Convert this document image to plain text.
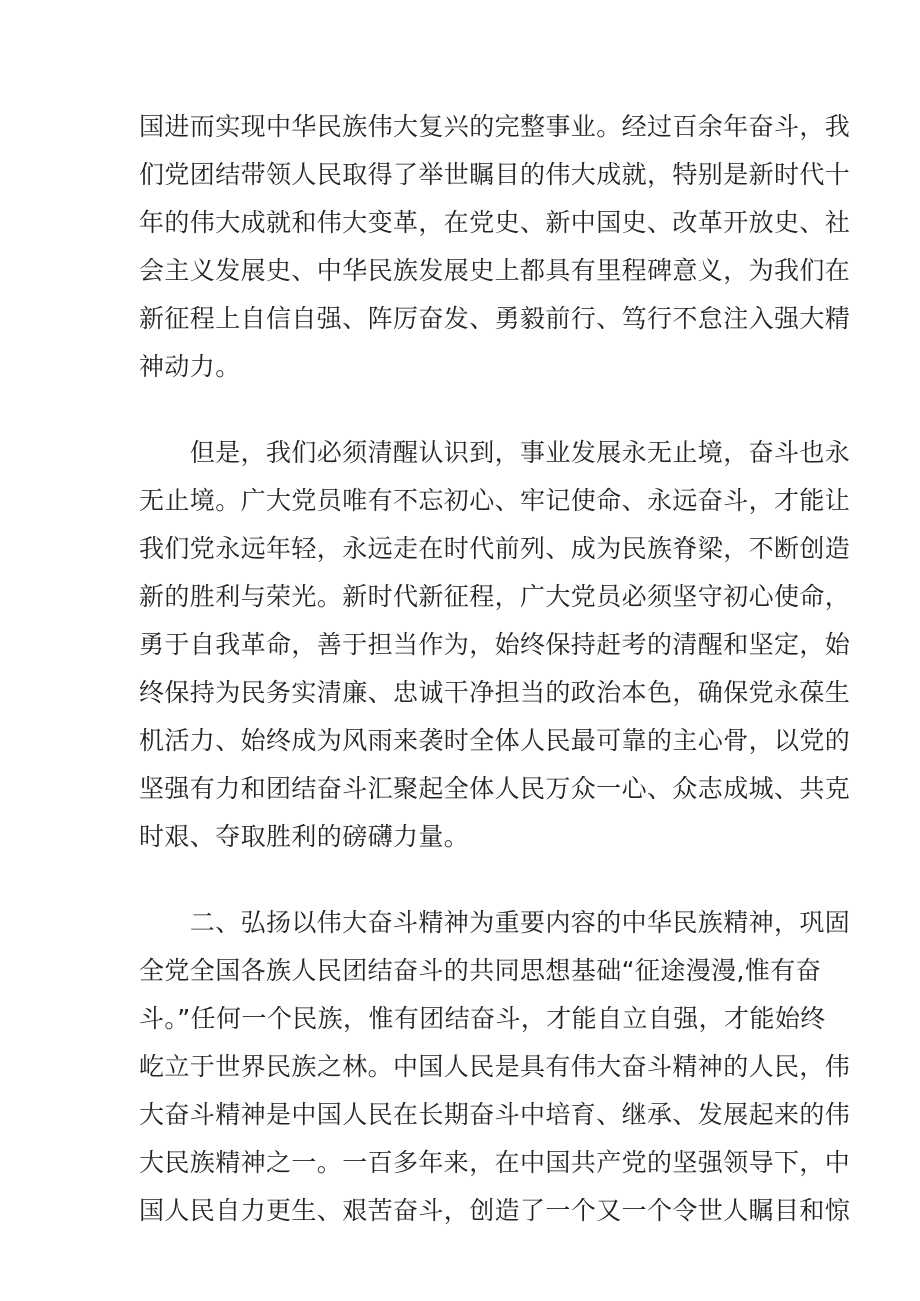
国进而实现中华民族伟大复兴的完整事业。经过百余年奋斗，我
们党团结带领人民取得了举世瞩目的伟大成就，特别是新时代十
年的伟大成就和伟大变革，在党史、新中国史、改革开放史、社
会主义发展史、中华民族发展史上都具有里程碑意义，为我们在
新征程上自信自强、阵厉奋发、勇毅前行、笃行不怠注入强大精
神动力。

　　但是，我们必须清醒认识到，事业发展永无止境，奋斗也永
无止境。广大党员唯有不忘初心、牢记使命、永远奋斗，才能让
我们党永远年轻，永远走在时代前列、成为民族脊梁，不断创造
新的胜利与荣光。新时代新征程，广大党员必须坚守初心使命，
勇于自我革命，善于担当作为，始终保持赶考的清醒和坚定，始
终保持为民务实清廉、忠诚干净担当的政治本色，确保党永葆生
机活力、始终成为风雨来袭时全体人民最可靠的主心骨，以党的
坚强有力和团结奋斗汇聚起全体人民万众一心、众志成城、共克
时艰、夺取胜利的磅礴力量。

　　二、弘扬以伟大奋斗精神为重要内容的中华民族精神，巩固
全党全国各族人民团结奋斗的共同思想基础“征途漫漫,惟有奋
斗。”任何一个民族，惟有团结奋斗，才能自立自强，才能始终
屹立于世界民族之林。中国人民是具有伟大奋斗精神的人民，伟
大奋斗精神是中国人民在长期奋斗中培育、继承、发展起来的伟
大民族精神之一。一百多年来，在中国共产党的坚强领导下，中
国人民自力更生、艰苦奋斗，创造了一个又一个令世人瞩目和惊
